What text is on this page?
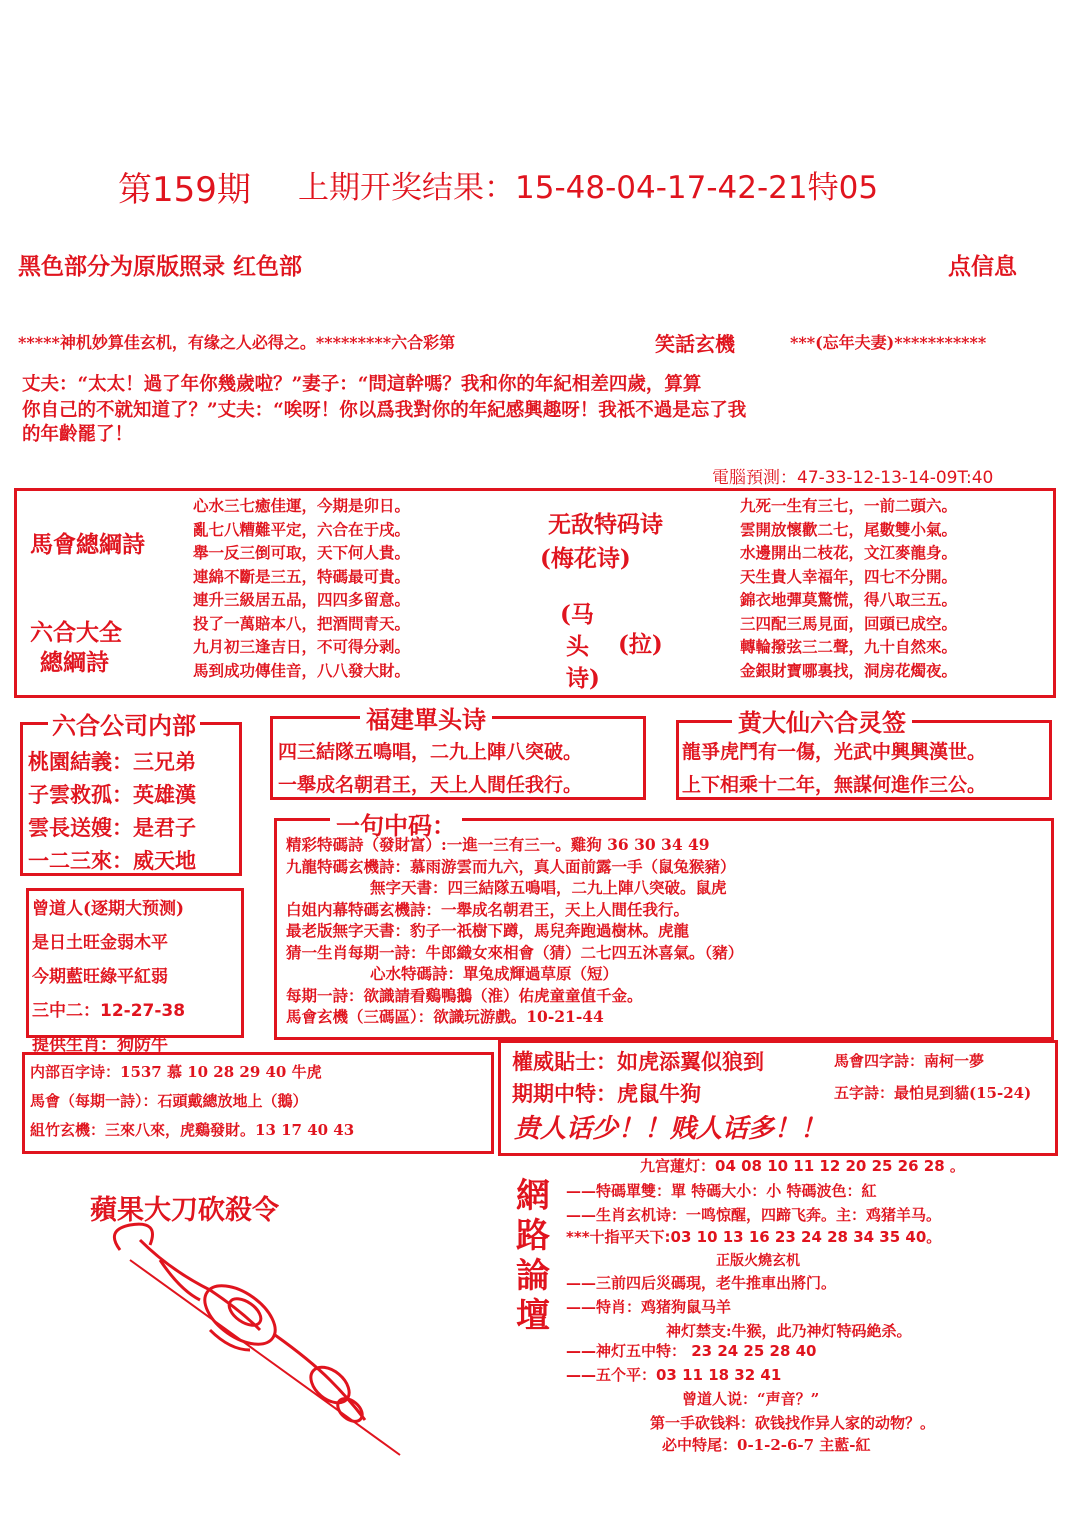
第159期 上期开奖结果：15-48-04-17-42-21特05
黑色部分为原版照录 红色部	点信息
*****神机妙算佳玄机，有缘之人必得之。*********六合彩第	笑話玄機	***(忘年夫妻)***********
丈夫：“太太！過了年你幾歲啦？”妻子：“問這幹嗎？我和你的年紀相差四歲，算算
你自己的不就知道了？”丈夫：“唉呀！你以爲我對你的年紀感興趣呀！我祇不過是忘了我
的年齡罷了！
電腦預測：47-33-12-13-14-09T:40
馬會總綱詩
六合大全
總綱詩
心水三七癒佳運，今期是卯日。
亂七八糟難平定，六合在于戌。
舉一反三倒可取，天下何人貴。
連綿不斷是三五，特碼最可貴。
連升三級居五品，四四多留意。
投了一萬賠本八，把酒問青天。
九月初三逢吉日，不可得分剥。
馬到成功傳佳音，八八發大財。
无敌特码诗
(梅花诗)
(马
头 (拉)
诗)
九死一生有三七，一前二頭六。
雲開放懷歡二七，尾數雙小氣。
水邊開出二枝花，文江麥龍身。
天生貴人幸福年，四七不分開。
錦衣地彈莫驚慌，得八取三五。
三四配三馬見面，回頭已成空。
轉輪撥弦三二聲，九十自然來。
金銀財寶哪裏找，洞房花燭夜。
六合公司内部
桃園結義：三兄弟
子雲救孤：英雄漢
雲長送嫂：是君子
一二三來：威天地
福建單头诗
四三結隊五鳴唱，二九上陣八突破。
一舉成名朝君王，天上人間任我行。
黄大仙六合灵签
龍爭虎鬥有一傷，光武中興興漢世。
上下相乘十二年，無謀何進作三公。
一句中码：
精彩特碼詩（發財富）:一進一三有三一。雞狗 36 30 34 49
九龍特碼玄機詩：慕雨游雲而九六，真人面前露一手（鼠兔猴豬）
無字天書：四三結隊五鳴唱，二九上陣八突破。鼠虎
白姐内幕特碼玄機詩：一舉成名朝君王，天上人間任我行。
最老版無字天書：豹子一祇樹下蹲，馬兒奔跑過樹林。虎龍
猜一生肖每期一詩：牛郎織女來相會（猜）二七四五沐喜氣。（豬）
心水特碼詩：單兔成輝過草原（短）
每期一詩：欲識請看鷄鴨鵝（淮）佑虎童童值千金。
馬會玄機（三碼區）：欲識玩游戲。10-21-44
曾道人(逐期大预测)
是日土旺金弱木平
今期藍旺綠平紅弱
三中二：12-27-38
提供生肖：狗防牛
内部百字诗：1537 慕 10 28 29 40 牛虎
馬會（每期一詩）：石頭戴總放地上（鵝）
組竹玄機：三來八來，虎鷄發財。13 17 40 43
權威貼士：如虎添翼似狼到	馬會四字詩：南柯一夢
期期中特：虎鼠牛狗	五字詩：最怕見到貓(15-24)
贵人话少！！贱人话多！！
蘋果大刀砍殺令	網
路
論
壇
九宫蓮灯：04 08 10 11 12 20 25 26 28 。
——特碼單雙：單 特碼大小：小 特碼波色：紅
——生肖玄机诗：一鸣惊醒，四蹄飞奔。主：鸡猪羊马。
***十指平天下:03 10 13 16 23 24 28 34 35 40。
正版火燒玄机
——三前四后災碼現，老牛推車出將门。
——特肖：鸡猪狗鼠马羊
神灯禁支:牛猴，此乃神灯特码絶杀。
——神灯五中特： 23 24 25 28 40
——五个平：03 11 18 32 41
曾道人说：“声音？”
第一手砍钱料：砍钱找作异人家的动物？。
必中特尾：0-1-2-6-7 主藍-紅
